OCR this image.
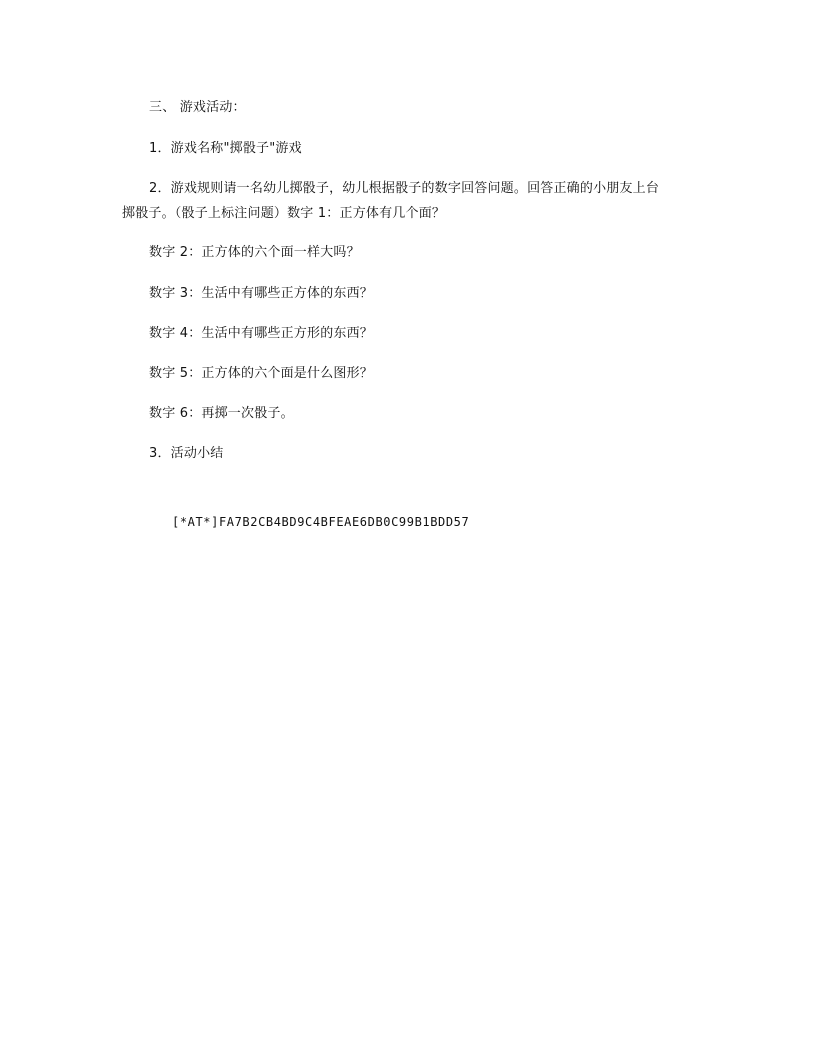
三、 游戏活动：
1．游戏名称"掷骰子"游戏
2．游戏规则请一名幼儿掷骰子，幼儿根据骰子的数字回答问题。回答正确的小朋友上台
掷骰子。（骰子上标注问题）数字 1：正方体有几个面？
数字 2：正方体的六个面一样大吗？
数字 3：生活中有哪些正方体的东西？
数字 4：生活中有哪些正方形的东西？
数字 5：正方体的六个面是什么图形？
数字 6：再掷一次骰子。
3．活动小结
[*AT*]FA7B2CB4BD9C4BFEAE6DB0C99B1BDD57
